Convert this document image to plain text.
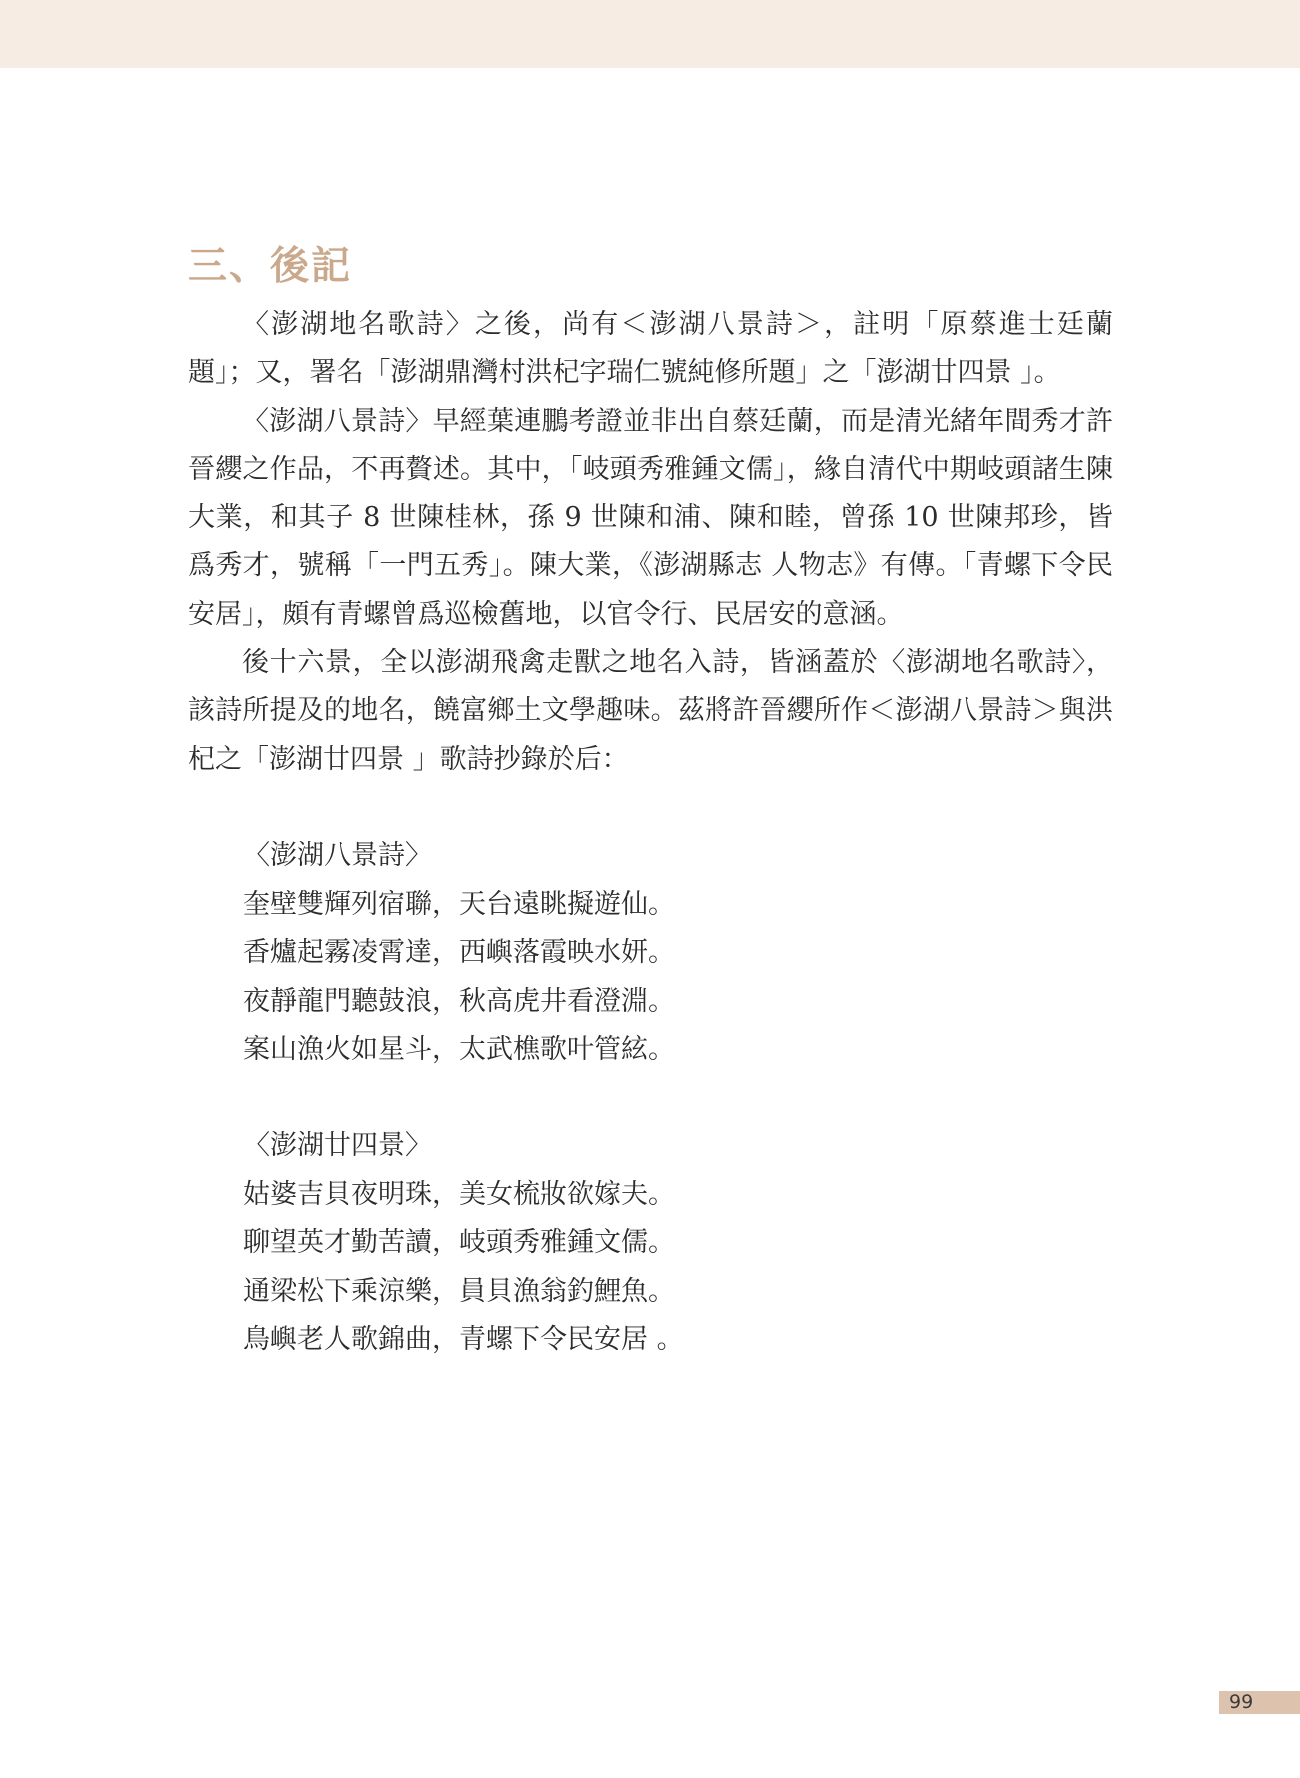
三、後記

〈澎湖地名歌詩〉之後，尚有＜澎湖八景詩＞，註明「原蔡進士廷蘭題」；又，署名「澎湖鼎灣村洪杞字瑞仁號純修所題」之「澎湖廿四景 」。

〈澎湖八景詩〉早經葉連鵬考證並非出自蔡廷蘭，而是清光緒年間秀才許晉纓之作品，不再贅述。其中，「岐頭秀雅鍾文儒」，緣自清代中期岐頭諸生陳大業，和其子 8 世陳桂林，孫 9 世陳和浦、陳和睦，曾孫 10 世陳邦珍，皆爲秀才，號稱「一門五秀」。陳大業，《澎湖縣志 人物志》有傳。「青螺下令民安居」，頗有青螺曾爲巡檢舊地，以官令行、民居安的意涵。

後十六景，全以澎湖飛禽走獸之地名入詩，皆涵蓋於〈澎湖地名歌詩〉，該詩所提及的地名，饒富鄉土文學趣味。茲將許晉纓所作＜澎湖八景詩＞與洪杞之「澎湖廿四景 」歌詩抄錄於后：

〈澎湖八景詩〉
奎壁雙輝列宿聯，天台遠眺擬遊仙。
香爐起霧凌霄達，西嶼落霞映水妍。
夜靜龍門聽鼓浪，秋高虎井看澄淵。
案山漁火如星斗，太武樵歌叶管絃。
〈澎湖廿四景〉
姑婆吉貝夜明珠，美女梳妝欲嫁夫。
聊望英才勤苦讀，岐頭秀雅鍾文儒。
通梁松下乘涼樂，員貝漁翁釣鯉魚。
鳥嶼老人歌錦曲，青螺下令民安居 。
99
